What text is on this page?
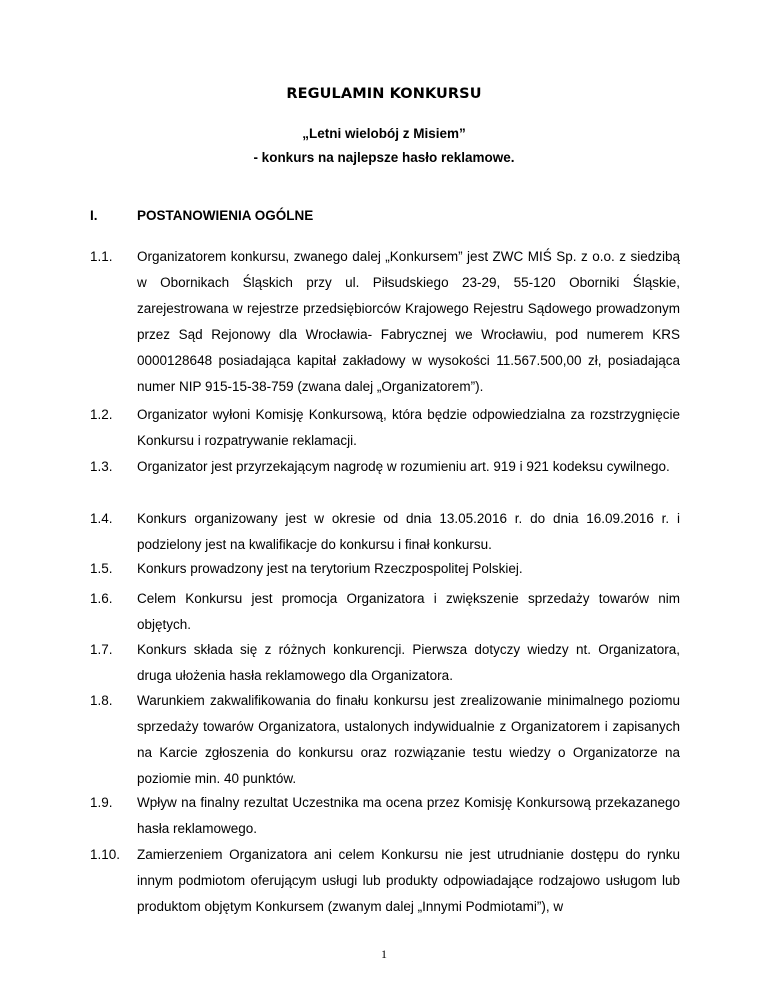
REGULAMIN KONKURSU
„Letni wielobój z Misiem”
- konkurs na najlepsze hasło reklamowe.
I.	POSTANOWIENIA OGÓLNE
1.1. Organizatorem konkursu, zwanego dalej „Konkursem” jest ZWC MIŚ Sp. z o.o. z siedzibą w Obornikach Śląskich przy ul. Piłsudskiego 23-29, 55-120 Oborniki Śląskie, zarejestrowana w rejestrze przedsiębiorców Krajowego Rejestru Sądowego prowadzonym przez Sąd Rejonowy dla Wrocławia- Fabrycznej we Wrocławiu, pod numerem KRS 0000128648 posiadająca kapitał zakładowy w wysokości 11.567.500,00 zł, posiadająca numer NIP 915-15-38-759 (zwana dalej „Organizatorem”).
1.2. Organizator wyłoni Komisję Konkursową, która będzie odpowiedzialna za rozstrzygnięcie Konkursu i rozpatrywanie reklamacji.
1.3. Organizator jest przyrzekającym nagrodę w rozumieniu art. 919 i 921 kodeksu cywilnego.
1.4. Konkurs organizowany jest w okresie od dnia 13.05.2016 r. do dnia 16.09.2016 r. i podzielony jest na kwalifikacje do konkursu i finał konkursu.
1.5. Konkurs prowadzony jest na terytorium Rzeczpospolitej Polskiej.
1.6. Celem Konkursu jest promocja Organizatora i zwiększenie sprzedaży towarów nim objętych.
1.7. Konkurs składa się z różnych konkurencji. Pierwsza dotyczy wiedzy nt. Organizatora, druga ułożenia hasła reklamowego dla Organizatora.
1.8. Warunkiem zakwalifikowania do finału konkursu jest zrealizowanie minimalnego poziomu sprzedaży towarów Organizatora, ustalonych indywidualnie z Organizatorem i zapisanych na Karcie zgłoszenia do konkursu oraz rozwiązanie testu wiedzy o Organizatorze na poziomie min. 40 punktów.
1.9. Wpływ na finalny rezultat Uczestnika ma ocena przez Komisję Konkursową przekazanego hasła reklamowego.
1.10. Zamierzeniem Organizatora ani celem Konkursu nie jest utrudnianie dostępu do rynku innym podmiotom oferującym usługi lub produkty odpowiadające rodzajowo usługom lub produktom objętym Konkursem (zwanym dalej „Innymi Podmiotami”), w
1
